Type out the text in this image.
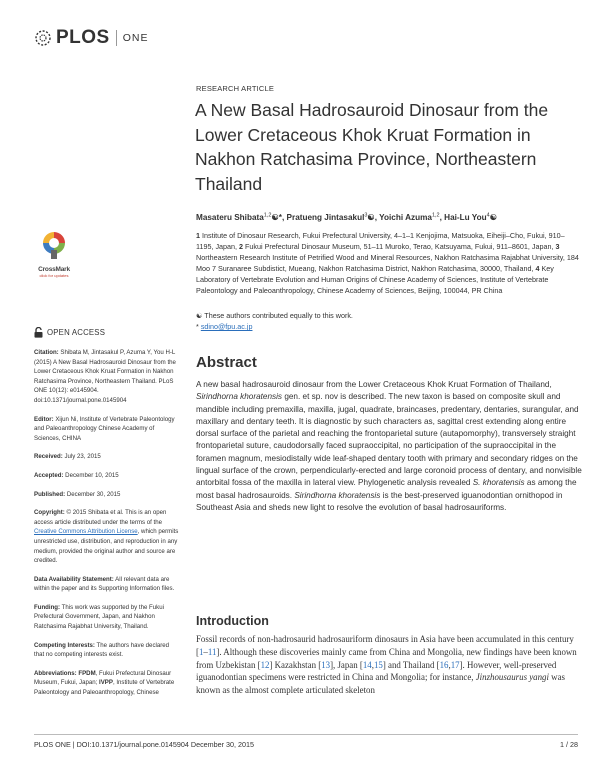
PLOS ONE
RESEARCH ARTICLE
A New Basal Hadrosauroid Dinosaur from the Lower Cretaceous Khok Kruat Formation in Nakhon Ratchasima Province, Northeastern Thailand
Masateru Shibata$^{1,2}$☯*, Pratueng Jintasakul$^3$☯, Yoichi Azuma$^{1,2}$, Hai-Lu You$^4$☯
1 Institute of Dinosaur Research, Fukui Prefectural University, 4–1–1 Kenjojima, Matsuoka, Eiheiji–Cho, Fukui, 910–1195, Japan, 2 Fukui Prefectural Dinosaur Museum, 51–11 Muroko, Terao, Katsuyama, Fukui, 911–8601, Japan, 3 Northeastern Research Institute of Petrified Wood and Mineral Resources, Nakhon Ratchasima Rajabhat University, 184 Moo 7 Suranaree Subdistict, Mueang, Nakhon Ratchasima District, Nakhon Ratchasima, 30000, Thailand, 4 Key Laboratory of Vertebrate Evolution and Human Origins of Chinese Academy of Sciences, Institute of Vertebrate Paleontology and Paleoanthropology, Chinese Academy of Sciences, Beijing, 100044, PR China
☯ These authors contributed equally to this work.
* sdino@fpu.ac.jp
CrossMark
click for updates
OPEN ACCESS
Citation: Shibata M, Jintasakul P, Azuma Y, You H-L (2015) A New Basal Hadrosauroid Dinosaur from the Lower Cretaceous Khok Kruat Formation in Nakhon Ratchasima Province, Northeastern Thailand. PLoS ONE 10(12): e0145904. doi:10.1371/journal.pone.0145904
Editor: Xijun Ni, Institute of Vertebrate Paleontology and Paleoanthropology Chinese Academy of Sciences, CHINA
Received: July 23, 2015
Accepted: December 10, 2015
Published: December 30, 2015
Copyright: © 2015 Shibata et al. This is an open access article distributed under the terms of the Creative Commons Attribution License, which permits unrestricted use, distribution, and reproduction in any medium, provided the original author and source are credited.
Data Availability Statement: All relevant data are within the paper and its Supporting Information files.
Funding: This work was supported by the Fukui Prefectural Government, Japan, and Nakhon Ratchasima Rajabhat University, Thailand.
Competing Interests: The authors have declared that no competing interests exist.
Abbreviations: FPDM, Fukui Prefectural Dinosaur Museum, Fukui, Japan; IVPP, Institute of Vertebrate Paleontology and Paleoanthropology, Chinese
Abstract

A new basal hadrosauroid dinosaur from the Lower Cretaceous Khok Kruat Formation of Thailand, Sirindhorna khoratensis gen. et sp. nov is described. The new taxon is based on composite skull and mandible including premaxilla, maxilla, jugal, quadrate, braincases, predentary, dentaries, surangular, and maxillary and dentary teeth. It is diagnostic by such characters as, sagittal crest extending along entire dorsal surface of the parietal and reaching the frontoparietal suture (autapomorphy), transversely straight frontoparietal suture, caudodorsally faced supraoccipital, no participation of the supraoccipital in the foramen magnum, mesiodistally wide leaf-shaped dentary tooth with primary and secondary ridges on the lingual surface of the crown, perpendicularly-erected and large coronoid process of dentary, and nonvisible antorbital fossa of the maxilla in lateral view. Phylogenetic analysis revealed S. khoratensis as among the most basal hadrosauroids. Sirindhorna khoratensis is the best-preserved iguanodontian ornithopod in Southeast Asia and sheds new light to resolve the evolution of basal hadrosauriforms.

Introduction

Fossil records of non-hadrosaurid hadrosauriform dinosaurs in Asia have been accumulated in this century [1–11]. Although these discoveries mainly came from China and Mongolia, new findings have been known from Uzbekistan [12] Kazakhstan [13], Japan [14,15] and Thailand [16,17]. However, well-preserved iguanodontian specimens were restricted in China and Mongolia; for instance, Jinzhousaurus yangi was known as the almost complete articulated skeleton

PLOS ONE | DOI:10.1371/journal.pone.0145904 December 30, 2015	1 / 28
